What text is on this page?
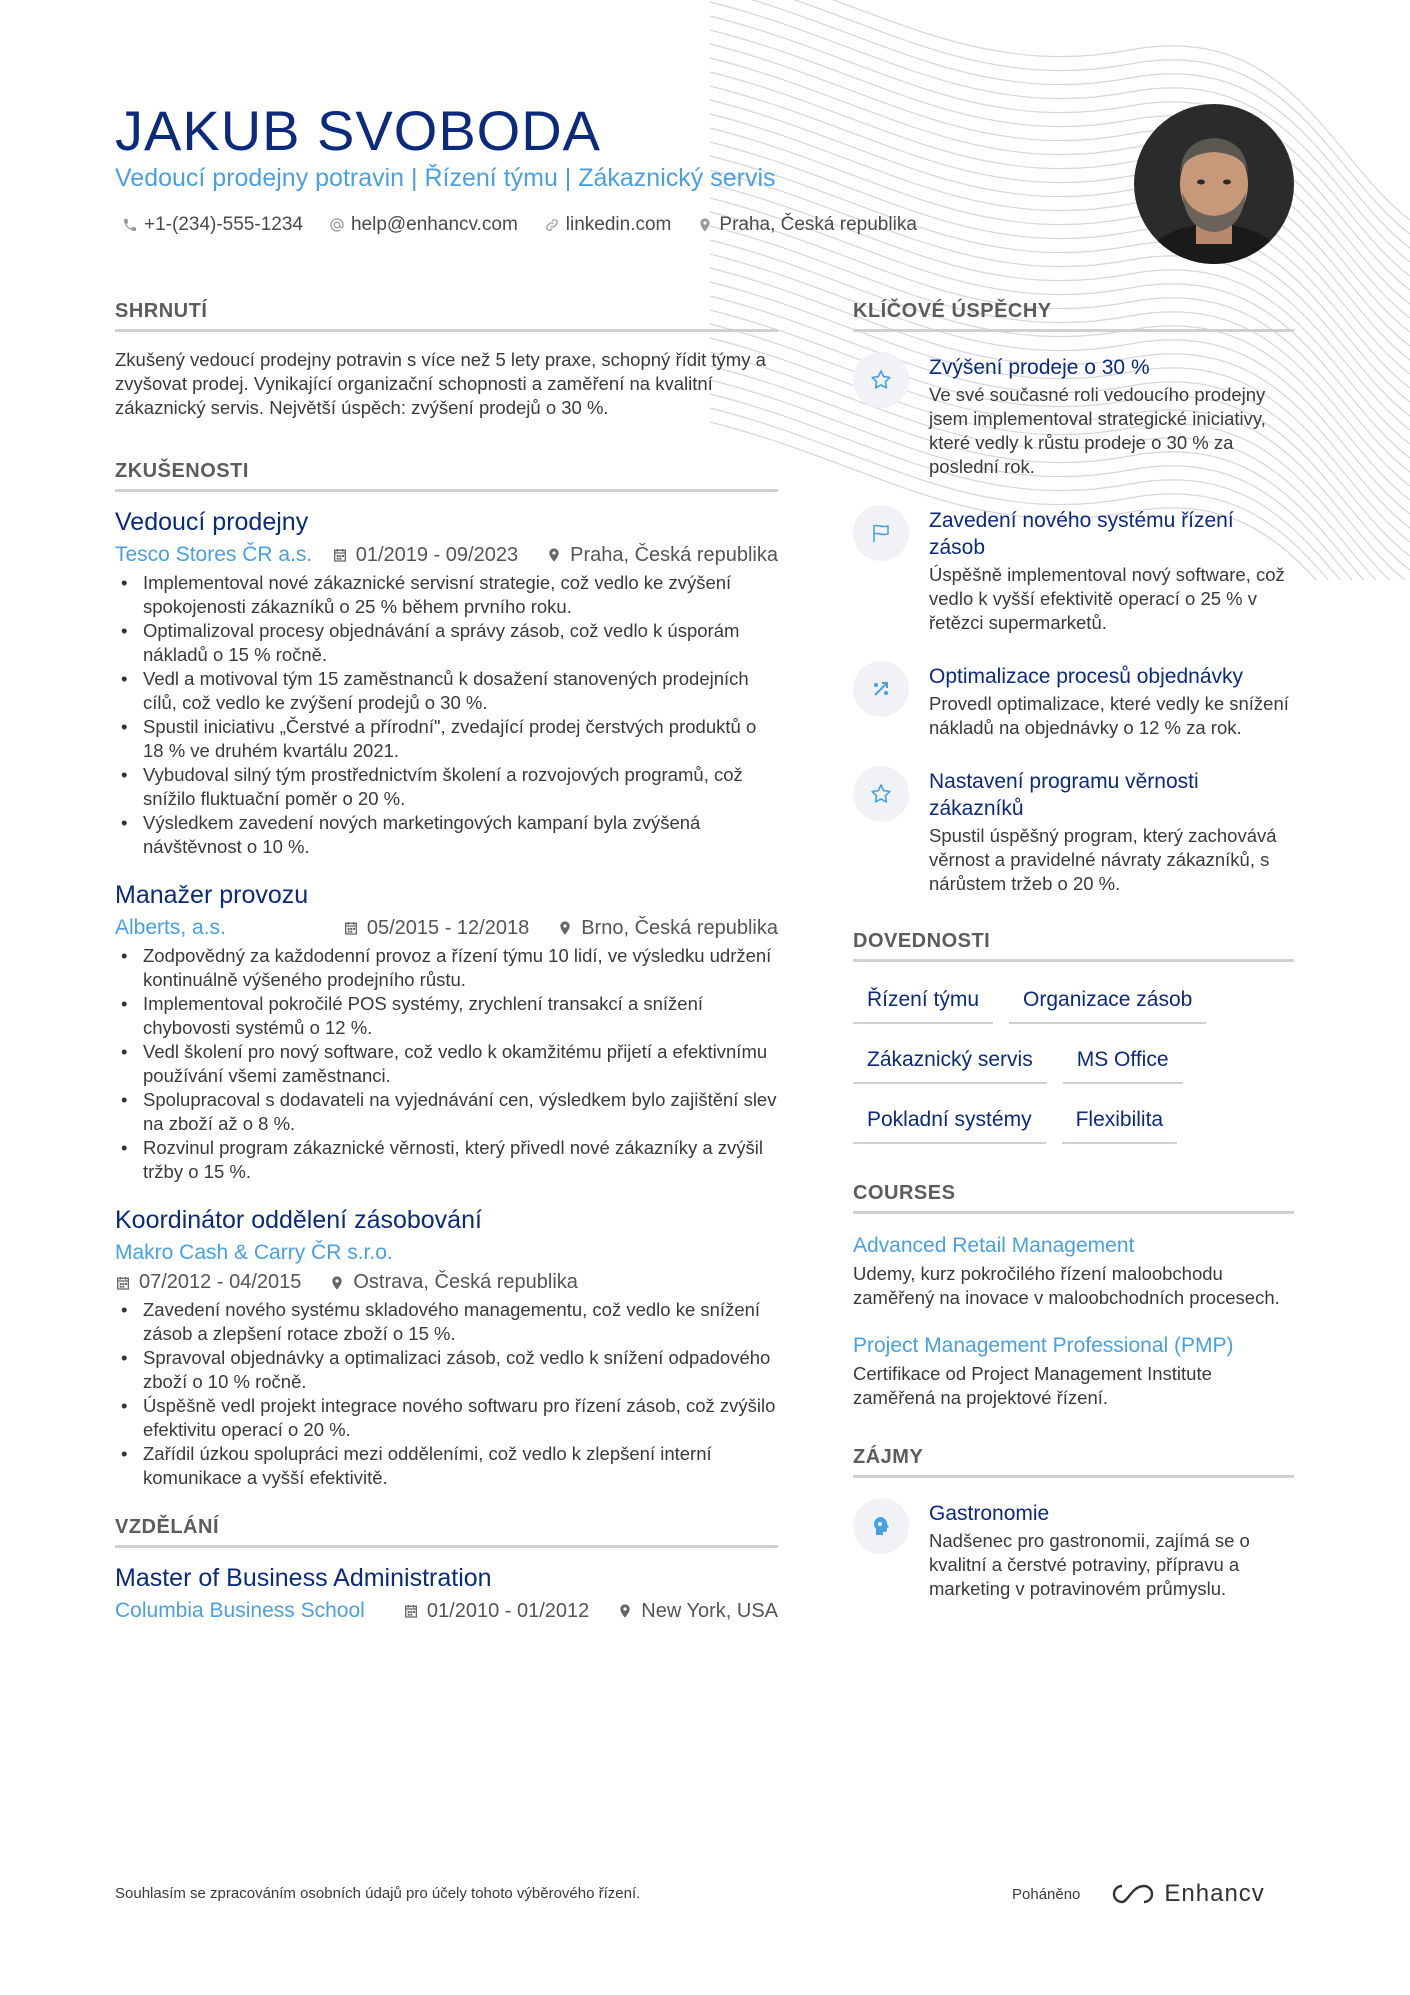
JAKUB SVOBODA
Vedoucí prodejny potravin | Řízení týmu | Zákaznický servis
+1-(234)-555-1234	help@enhancv.com	linkedin.com	Praha, Česká republika
SHRNUTÍ

Zkušený vedoucí prodejny potravin s více než 5 lety praxe, schopný řídit týmy a zvyšovat prodej. Vynikající organizační schopnosti a zaměření na kvalitní zákaznický servis. Největší úspěch: zvýšení prodejů o 30 %.

ZKUŠENOSTI
Vedoucí prodejny
Tesco Stores ČR a.s. 01/2019 - 09/2023	Praha, Česká republika
• Implementoval nové zákaznické servisní strategie, což vedlo ke zvýšení spokojenosti zákazníků o 25 % během prvního roku.
• Optimalizoval procesy objednávání a správy zásob, což vedlo k úsporám nákladů o 15 % ročně.
• Vedl a motivoval tým 15 zaměstnanců k dosažení stanovených prodejních cílů, což vedlo ke zvýšení prodejů o 30 %.
• Spustil iniciativu „Čerstvé a přírodní", zvedající prodej čerstvých produktů o 18 % ve druhém kvartálu 2021.
• Vybudoval silný tým prostřednictvím školení a rozvojových programů, což snížilo fluktuační poměr o 20 %.
• Výsledkem zavedení nových marketingových kampaní byla zvýšená návštěvnost o 10 %.
Manažer provozu
Alberts, a.s.	05/2015 - 12/2018	Brno, Česká republika
• Zodpovědný za každodenní provoz a řízení týmu 10 lidí, ve výsledku udržení kontinuálně výšeného prodejního růstu.
• Implementoval pokročilé POS systémy, zrychlení transakcí a snížení chybovosti systémů o 12 %.
• Vedl školení pro nový software, což vedlo k okamžitému přijetí a efektivnímu používání všemi zaměstnanci.
• Spolupracoval s dodavateli na vyjednávání cen, výsledkem bylo zajištění slev na zboží až o 8 %.
• Rozvinul program zákaznické věrnosti, který přivedl nové zákazníky a zvýšil tržby o 15 %.
Koordinátor oddělení zásobování
Makro Cash & Carry ČR s.r.o.
07/2012 - 04/2015	Ostrava, Česká republika
• Zavedení nového systému skladového managementu, což vedlo ke snížení zásob a zlepšení rotace zboží o 15 %.
• Spravoval objednávky a optimalizaci zásob, což vedlo k snížení odpadového zboží o 10 % ročně.
• Úspěšně vedl projekt integrace nového softwaru pro řízení zásob, což zvýšilo efektivitu operací o 20 %.
• Zařídil úzkou spolupráci mezi odděleními, což vedlo k zlepšení interní komunikace a vyšší efektivitě.
VZDĚLÁNÍ
Master of Business Administration
Columbia Business School	01/2010 - 01/2012	New York, USA
KLÍČOVÉ ÚSPĚCHY
Zvýšení prodeje o 30 %

Ve své současné roli vedoucího prodejny jsem implementoval strategické iniciativy, které vedly k růstu prodeje o 30 % za poslední rok.

Zavedení nového systému řízení zásob

Úspěšně implementoval nový software, což vedlo k vyšší efektivitě operací o 25 % v řetězci supermarketů.

Optimalizace procesů objednávky

Provedl optimalizace, které vedly ke snížení nákladů na objednávky o 12 % za rok.

Nastavení programu věrnosti zákazníků

Spustil úspěšný program, který zachovává věrnost a pravidelné návraty zákazníků, s nárůstem tržeb o 20 %.

DOVEDNOSTI
Řízení týmu	Organizace zásob
Zákaznický servis	MS Office
Pokladní systémy	Flexibilita
COURSES
Advanced Retail Management

Udemy, kurz pokročilého řízení maloobchodu zaměřený na inovace v maloobchodních procesech.

Project Management Professional (PMP)

Certifikace od Project Management Institute zaměřená na projektové řízení.

ZÁJMY
Gastronomie

Nadšenec pro gastronomii, zajímá se o kvalitní a čerstvé potraviny, přípravu a marketing v potravinovém průmyslu.

Souhlasím se zpracováním osobních údajů pro účely tohoto výběrového řízení.	Poháněno	Enhancv
